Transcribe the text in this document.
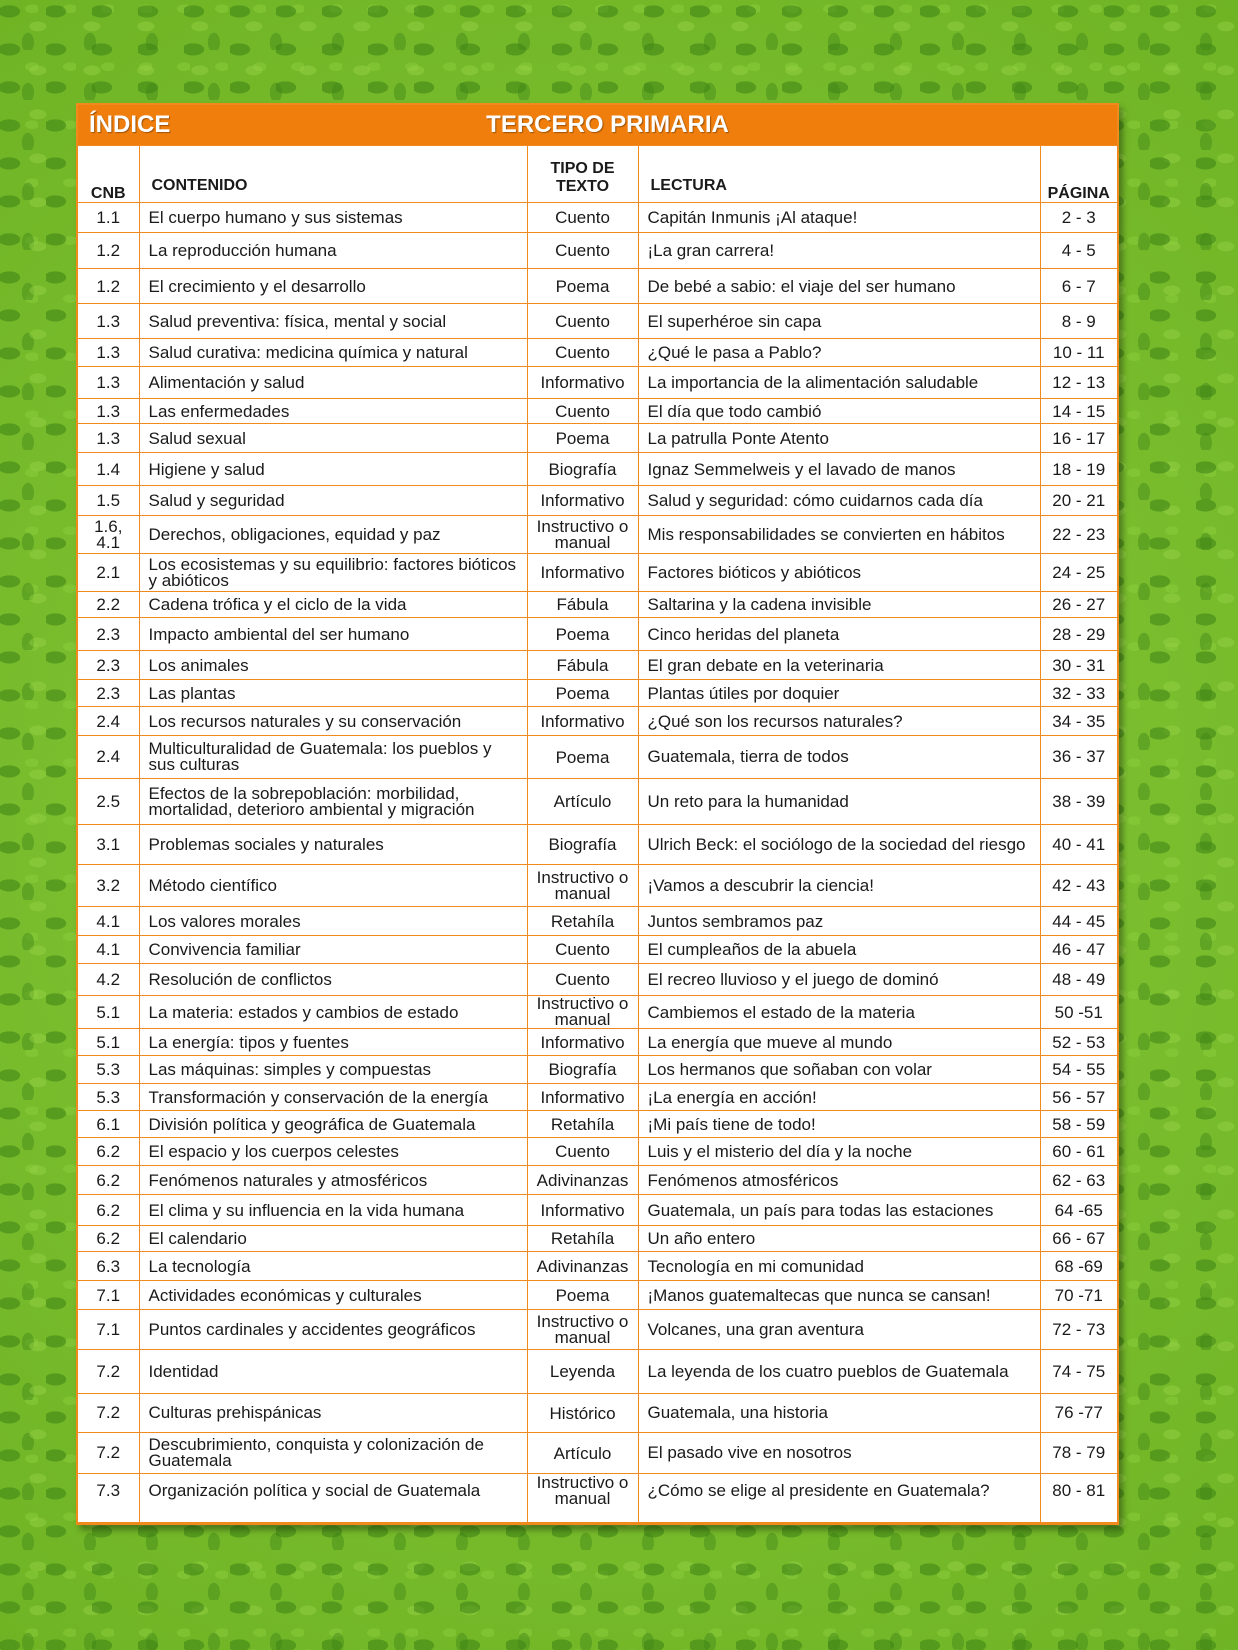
ÍNDICE	TERCERO PRIMARIA
CNB	CONTENIDO	TIPO DE TEXTO	LECTURA	PÁGINA
1.1	El cuerpo humano y sus sistemas	Cuento	Capitán Inmunis ¡Al ataque!	2 - 3
1.2	La reproducción humana	Cuento	¡La gran carrera!	4 - 5
1.2	El crecimiento y el desarrollo	Poema	De bebé a sabio: el viaje del ser humano	6 - 7
1.3	Salud preventiva: física, mental y social	Cuento	El superhéroe sin capa	8 - 9
1.3	Salud curativa: medicina química y natural	Cuento	¿Qué le pasa a Pablo?	10 - 11
1.3	Alimentación y salud	Informativo	La importancia de la alimentación saludable	12 - 13
1.3	Las enfermedades	Cuento	El día que todo cambió	14 - 15
1.3	Salud sexual	Poema	La patrulla Ponte Atento	16 - 17
1.4	Higiene y salud	Biografía	Ignaz Semmelweis y el lavado de manos	18 - 19
1.5	Salud y seguridad	Informativo	Salud y seguridad: cómo cuidarnos cada día	20 - 21
1.6, 4.1	Derechos, obligaciones, equidad y paz	Instructivo o manual	Mis responsabilidades se convierten en hábitos	22 - 23
2.1	Los ecosistemas y su equilibrio: factores bióticos y abióticos	Informativo	Factores bióticos y abióticos	24 - 25
2.2	Cadena trófica y el ciclo de la vida	Fábula	Saltarina y la cadena invisible	26 - 27
2.3	Impacto ambiental del ser humano	Poema	Cinco heridas del planeta	28 - 29
2.3	Los animales	Fábula	El gran debate en la veterinaria	30 - 31
2.3	Las plantas	Poema	Plantas útiles por doquier	32 - 33
2.4	Los recursos naturales y su conservación	Informativo	¿Qué son los recursos naturales?	34 - 35
2.4	Multiculturalidad de Guatemala: los pueblos y sus culturas	Poema	Guatemala, tierra de todos	36 - 37
2.5	Efectos de la sobrepoblación: morbilidad, mortalidad, deterioro ambiental y migración	Artículo	Un reto para la humanidad	38 - 39
3.1	Problemas sociales y naturales	Biografía	Ulrich Beck: el sociólogo de la sociedad del riesgo	40 - 41
3.2	Método científico	Instructivo o manual	¡Vamos a descubrir la ciencia!	42 - 43
4.1	Los valores morales	Retahíla	Juntos sembramos paz	44 - 45
4.1	Convivencia familiar	Cuento	El cumpleaños de la abuela	46 - 47
4.2	Resolución de conflictos	Cuento	El recreo lluvioso y el juego de dominó	48 - 49
5.1	La materia: estados y cambios de estado	Instructivo o manual	Cambiemos el estado de la materia	50 -51
5.1	La energía: tipos y fuentes	Informativo	La energía que mueve al mundo	52 - 53
5.3	Las máquinas: simples y compuestas	Biografía	Los hermanos que soñaban con volar	54 - 55
5.3	Transformación y conservación de la energía	Informativo	¡La energía en acción!	56 - 57
6.1	División política y geográfica de Guatemala	Retahíla	¡Mi país tiene de todo!	58 - 59
6.2	El espacio y los cuerpos celestes	Cuento	Luis y el misterio del día y la noche	60 - 61
6.2	Fenómenos naturales y atmosféricos	Adivinanzas	Fenómenos atmosféricos	62 - 63
6.2	El clima y su influencia en la vida humana	Informativo	Guatemala, un país para todas las estaciones	64 -65
6.2	El calendario	Retahíla	Un año entero	66 - 67
6.3	La tecnología	Adivinanzas	Tecnología en mi comunidad	68 -69
7.1	Actividades económicas y culturales	Poema	¡Manos guatemaltecas que nunca se cansan!	70 -71
7.1	Puntos cardinales y accidentes geográficos	Instructivo o manual	Volcanes, una gran aventura	72 - 73
7.2	Identidad	Leyenda	La leyenda de los cuatro pueblos de Guatemala	74 - 75
7.2	Culturas prehispánicas	Histórico	Guatemala, una historia	76 -77
7.2	Descubrimiento, conquista y colonización de Guatemala	Artículo	El pasado vive en nosotros	78 - 79
7.3	Organización política y social de Guatemala	Instructivo o manual	¿Cómo se elige al presidente en Guatemala?	80 - 81
